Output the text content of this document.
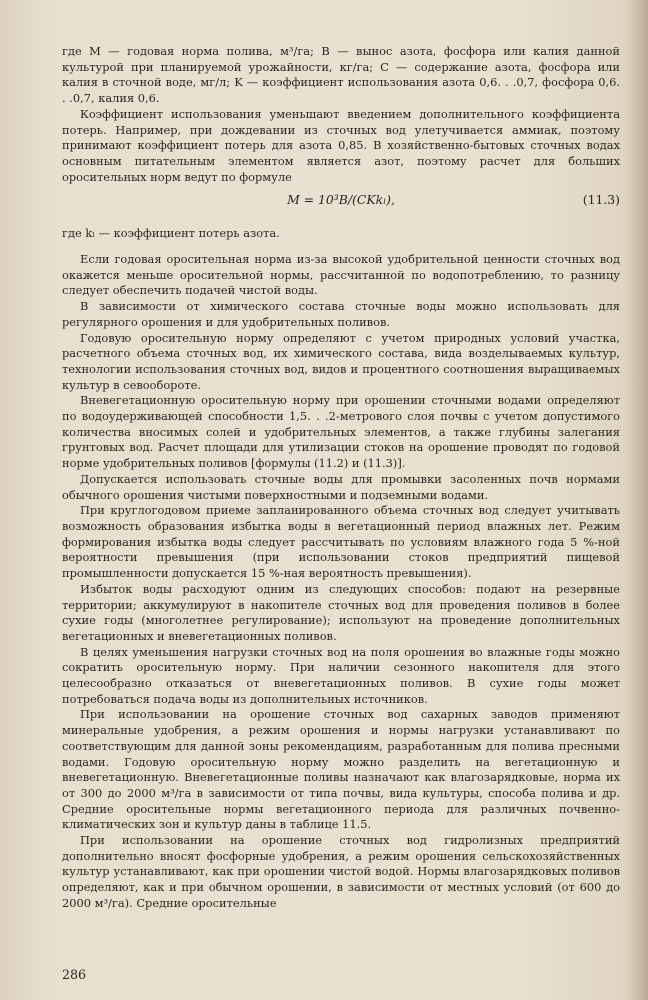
где M — годовая норма полива, м³/га; B — вынос азота, фосфора или калия данной культурой при планируемой урожайности, кг/га; C — содержание азота, фосфора или калия в сточной воде, мг/л; K — коэффициент использования азота 0,6. . .0,7, фосфора 0,6. . .0,7, калия 0,6.

Коэффициент использования уменьшают введением дополнительного коэффициента потерь. Например, при дождевании из сточных вод улетучивается аммиак, поэтому принимают коэффициент потерь для азота 0,85. В хозяйственно-бытовых сточных водах основным питательным элементом является азот, поэтому расчет для больших оросительных норм ведут по формуле

M = 10³B/(CKkₗ),	(11.3)

где kₗ — коэффициент потерь азота.

Если годовая оросительная норма из-за высокой удобрительной ценности сточных вод окажется меньше оросительной нормы, рассчитанной по водопотреблению, то разницу следует обеспечить подачей чистой воды.

В зависимости от химического состава сточные воды можно использовать для регулярного орошения и для удобрительных поливов.

Годовую оросительную норму определяют с учетом природных условий участка, расчетного объема сточных вод, их химического состава, вида возделываемых культур, технологии использования сточных вод, видов и процентного соотношения выращиваемых культур в севообороте.

Вневегетационную оросительную норму при орошении сточными водами определяют по водоудерживающей способности 1,5. . .2-метрового слоя почвы с учетом допустимого количества вносимых солей и удобрительных элементов, а также глубины залегания грунтовых вод. Расчет площади для утилизации стоков на орошение проводят по годовой норме удобрительных поливов [формулы (11.2) и (11.3)].

Допускается использовать сточные воды для промывки засоленных почв нормами обычного орошения чистыми поверхностными и подземными водами.

При круглогодовом приеме запланированного объема сточных вод следует учитывать возможность образования избытка воды в вегетационный период влажных лет. Режим формирования избытка воды следует рассчитывать по условиям влажного года 5 %-ной вероятности превышения (при использовании стоков предприятий пищевой промышленности допускается 15 %-ная вероятность превышения).

Избыток воды расходуют одним из следующих способов: подают на резервные территории; аккумулируют в накопителе сточных вод для проведения поливов в более сухие годы (многолетнее регулирование); используют на проведение дополнительных вегетационных и вневегетационных поливов.

В целях уменьшения нагрузки сточных вод на поля орошения во влажные годы можно сократить оросительную норму. При наличии сезонного накопителя для этого целесообразно отказаться от вневегетационных поливов. В сухие годы может потребоваться подача воды из дополнительных источников.

При использовании на орошение сточных вод сахарных заводов применяют минеральные удобрения, а режим орошения и нормы нагрузки устанавливают по соответствующим для данной зоны рекомендациям, разработанным для полива пресными водами. Годовую оросительную норму можно разделить на вегетационную и вневегетационную. Вневегетационные поливы назначают как влагозарядковые, норма их от 300 до 2000 м³/га в зависимости от типа почвы, вида культуры, способа полива и др. Средние оросительные нормы вегетационного периода для различных почвенно-климатических зон и культур даны в таблице 11.5.

При использовании на орошение сточных вод гидролизных предприятий дополнительно вносят фосфорные удобрения, а режим орошения сельскохозяйственных культур устанавливают, как при орошении чистой водой. Нормы влагозарядковых поливов определяют, как и при обычном орошении, в зависимости от местных условий (от 600 до 2000 м³/га). Средние оросительные

286
